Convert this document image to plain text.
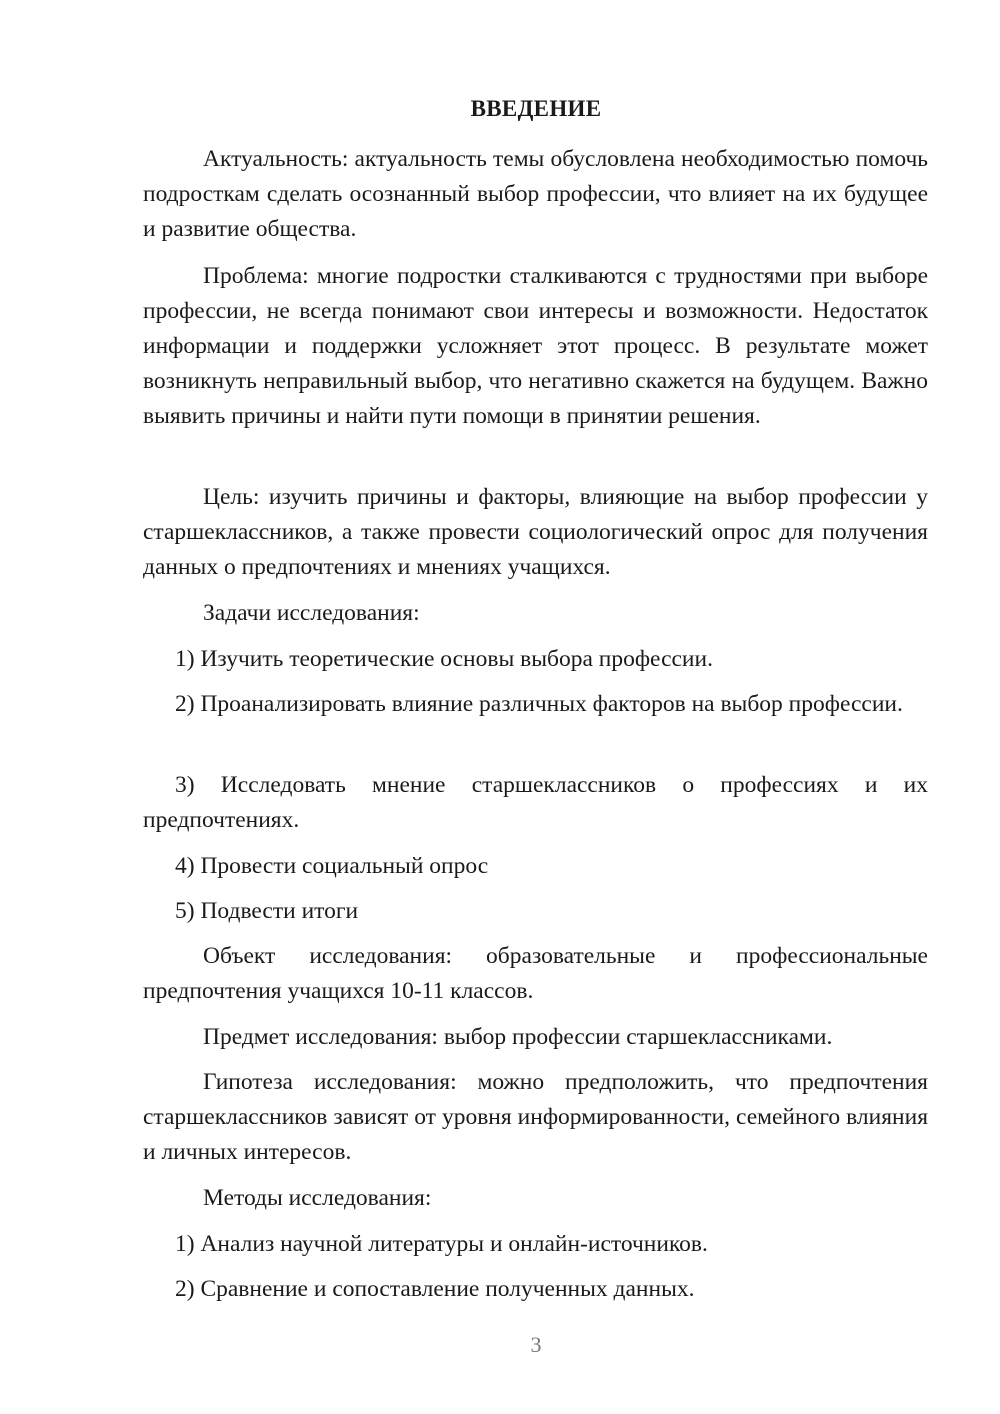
ВВЕДЕНИЕ

Актуальность: актуальность темы обусловлена необходимостью помочь подросткам сделать осознанный выбор профессии, что влияет на их будущее и развитие общества.

Проблема: многие подростки сталкиваются с трудностями при выборе профессии, не всегда понимают свои интересы и возможности. Недостаток информации и поддержки усложняет этот процесс. В результате может возникнуть неправильный выбор, что негативно скажется на будущем. Важно выявить причины и найти пути помощи в принятии решения.

Цель: изучить причины и факторы, влияющие на выбор профессии у старшеклассников, а также провести социологический опрос для получения данных о предпочтениях и мнениях учащихся.

Задачи исследования:

1) Изучить теоретические основы выбора профессии.

2) Проанализировать влияние различных факторов на выбор профессии.

3) Исследовать мнение старшеклассников о профессиях и их предпочтениях.

4) Провести социальный опрос

5) Подвести итоги

Объект исследования: образовательные и профессиональные предпочтения учащихся 10-11 классов.

Предмет исследования: выбор профессии старшеклассниками.

Гипотеза исследования: можно предположить, что предпочтения старшеклассников зависят от уровня информированности, семейного влияния и личных интересов.

Методы исследования:

1) Анализ научной литературы и онлайн-источников.

2) Сравнение и сопоставление полученных данных.

3
